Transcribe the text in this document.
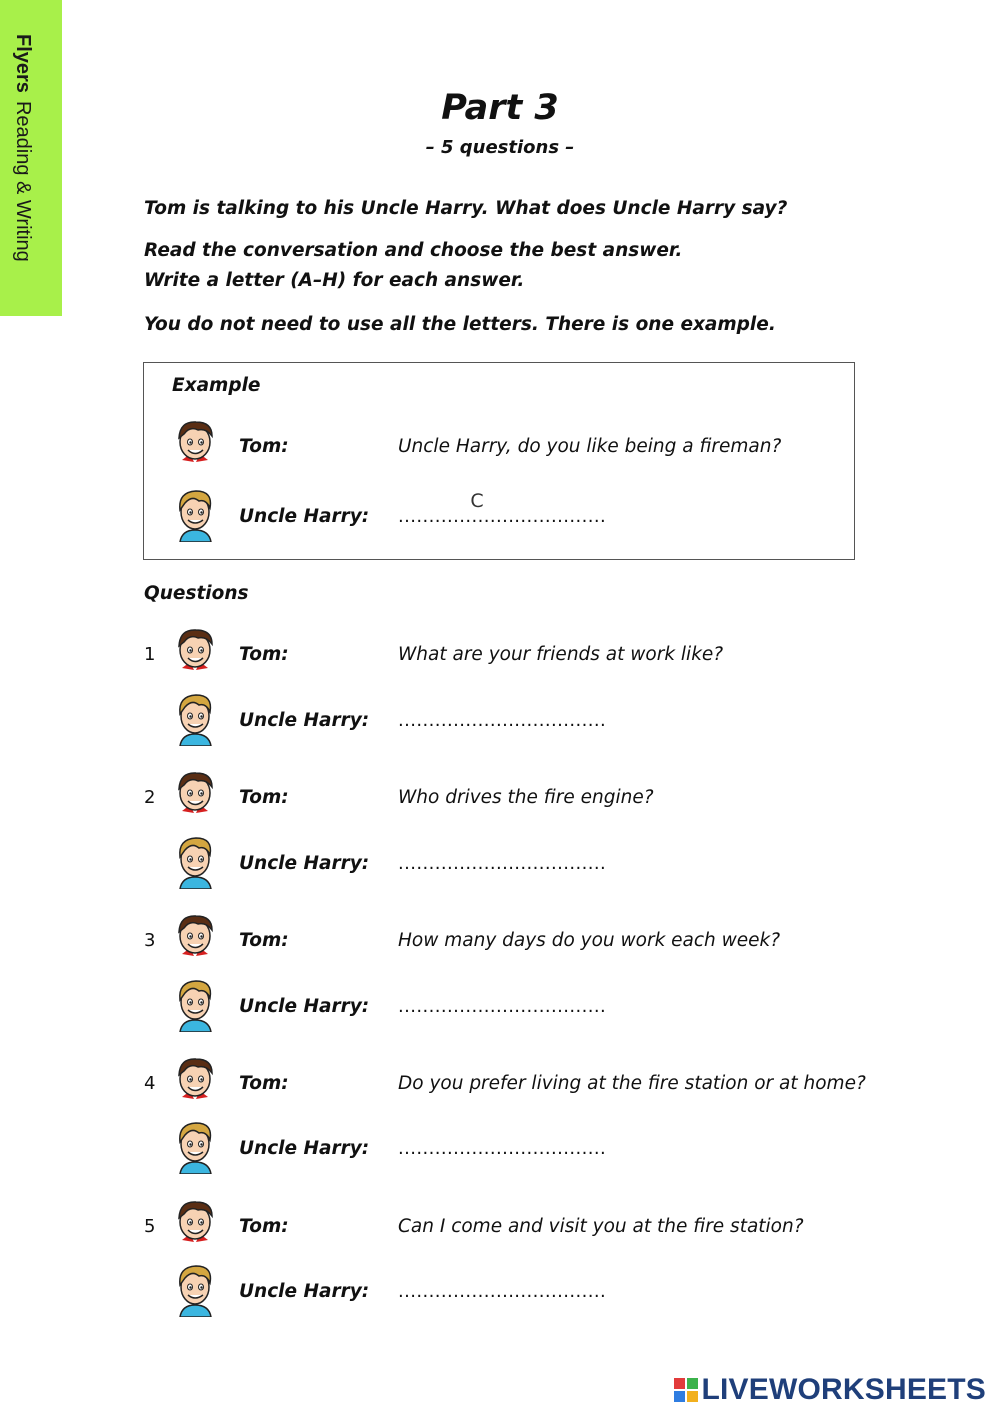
FlyersReading & Writing	Part 3
– 5 questions –
Tom is talking to his Uncle Harry. What does Uncle Harry say?
Read the conversation and choose the best answer.
Write a letter (A–H) for each answer.
You do not need to use all the letters. There is one example.
Example
Tom:	Uncle Harry, do you like being a fireman?
Uncle Harry: ..................................
C
Questions
1	Tom:	What are your friends at work like?
Uncle Harry: ..................................
2	Tom:	Who drives the fire engine?
Uncle Harry: ..................................
3	Tom:	How many days do you work each week?
Uncle Harry: ..................................
4	Tom:	Do you prefer living at the fire station or at home?
Uncle Harry: ..................................
5	Tom:	Can I come and visit you at the fire station?
Uncle Harry: ..................................
LIVEWORKSHEETS
